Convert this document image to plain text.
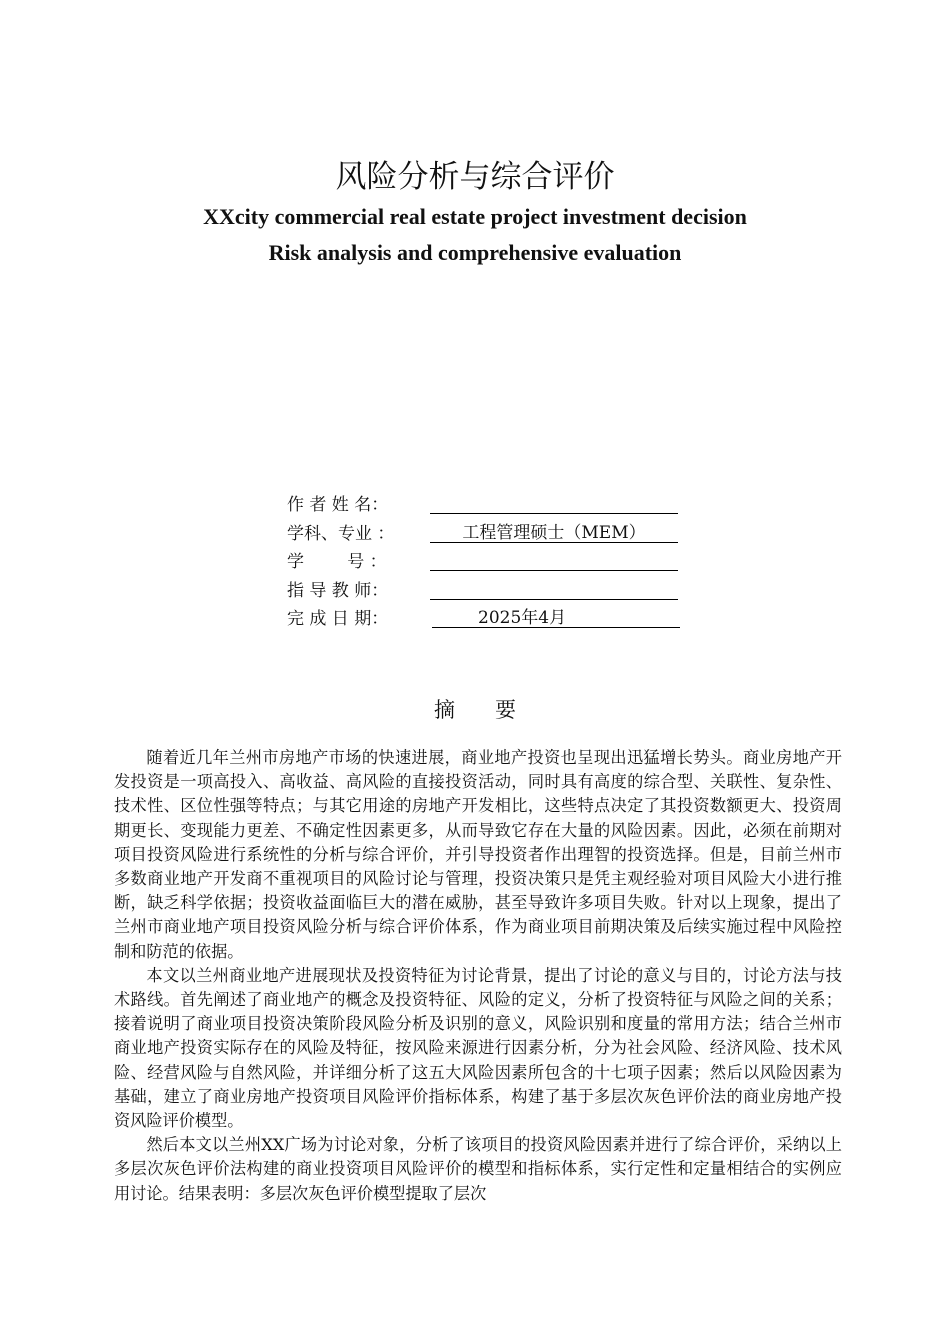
风险分析与综合评价
XXcity commercial real estate project investment decision
Risk analysis and comprehensive evaluation
作 者 姓 名：
学科、专业 ：	工程管理硕士（MEM）
学        号 ：
指 导 教 师：
完 成 日 期：	2025年4月
摘 要

随着近几年兰州市房地产市场的快速进展，商业地产投资也呈现出迅猛增长势头。商业房地产开发投资是一项高投入、高收益、高风险的直接投资活动，同时具有高度的综合型、关联性、复杂性、技术性、区位性强等特点；与其它用途的房地产开发相比，这些特点决定了其投资数额更大、投资周期更长、变现能力更差、不确定性因素更多，从而导致它存在大量的风险因素。因此，必须在前期对项目投资风险进行系统性的分析与综合评价，并引导投资者作出理智的投资选择。但是，目前兰州市多数商业地产开发商不重视项目的风险讨论与管理，投资决策只是凭主观经验对项目风险大小进行推断，缺乏科学依据；投资收益面临巨大的潜在威胁，甚至导致许多项目失败。针对以上现象，提出了兰州市商业地产项目投资风险分析与综合评价体系，作为商业项目前期决策及后续实施过程中风险控制和防范的依据。

本文以兰州商业地产进展现状及投资特征为讨论背景，提出了讨论的意义与目的，讨论方法与技术路线。首先阐述了商业地产的概念及投资特征、风险的定义，分析了投资特征与风险之间的关系；接着说明了商业项目投资决策阶段风险分析及识别的意义，风险识别和度量的常用方法；结合兰州市商业地产投资实际存在的风险及特征，按风险来源进行因素分析，分为社会风险、经济风险、技术风险、经营风险与自然风险，并详细分析了这五大风险因素所包含的十七项子因素；然后以风险因素为基础，建立了商业房地产投资项目风险评价指标体系，构建了基于多层次灰色评价法的商业房地产投资风险评价模型。

然后本文以兰州XX广场为讨论对象，分析了该项目的投资风险因素并进行了综合评价，采纳以上多层次灰色评价法构建的商业投资项目风险评价的模型和指标体系，实行定性和定量相结合的实例应用讨论。结果表明：多层次灰色评价模型提取了层次
